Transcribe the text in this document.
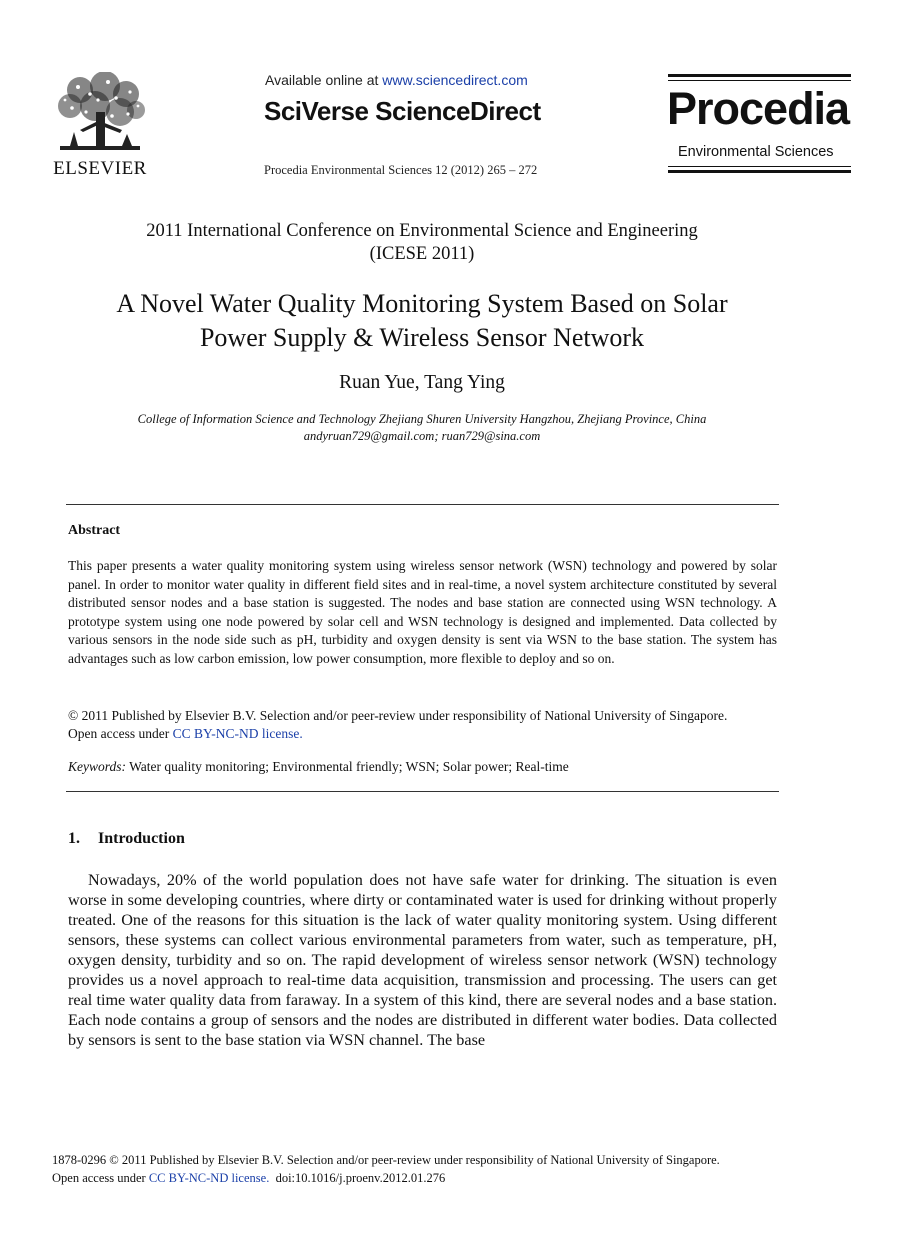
ELSEVIER
Available online at www.sciencedirect.com
SciVerse ScienceDirect
Procedia Environmental Sciences 12 (2012) 265 – 272
Procedia
Environmental Sciences
2011 International Conference on Environmental Science and Engineering
(ICESE 2011)
A Novel Water Quality Monitoring System Based on Solar
Power Supply & Wireless Sensor Network
Ruan Yue, Tang Ying
College of Information Science and Technology Zhejiang Shuren University Hangzhou, Zhejiang Province, China
andyruan729@gmail.com; ruan729@sina.com
Abstract
This paper presents a water quality monitoring system using wireless sensor network (WSN) technology and powered by solar panel. In order to monitor water quality in different field sites and in real-time, a novel system architecture constituted by several distributed sensor nodes and a base station is suggested. The nodes and base station are connected using WSN technology. A prototype system using one node powered by solar cell and WSN technology is designed and implemented. Data collected by various sensors in the node side such as pH, turbidity and oxygen density is sent via WSN to the base station. The system has advantages such as low carbon emission, low power consumption, more flexible to deploy and so on.
© 2011 Published by Elsevier B.V. Selection and/or peer-review under responsibility of National University of Singapore.
Open access under CC BY-NC-ND license.
Keywords: Water quality monitoring; Environmental friendly; WSN; Solar power; Real-time
1. Introduction
Nowadays, 20% of the world population does not have safe water for drinking. The situation is even worse in some developing countries, where dirty or contaminated water is used for drinking without properly treated. One of the reasons for this situation is the lack of water quality monitoring system. Using different sensors, these systems can collect various environmental parameters from water, such as temperature, pH, oxygen density, turbidity and so on. The rapid development of wireless sensor network (WSN) technology provides us a novel approach to real-time data acquisition, transmission and processing. The users can get real time water quality data from faraway. In a system of this kind, there are several nodes and a base station. Each node contains a group of sensors and the nodes are distributed in different water bodies. Data collected by sensors is sent to the base station via WSN channel. The base
1878-0296 © 2011 Published by Elsevier B.V. Selection and/or peer-review under responsibility of National University of Singapore.
Open access under CC BY-NC-ND license.  doi:10.1016/j.proenv.2012.01.276
